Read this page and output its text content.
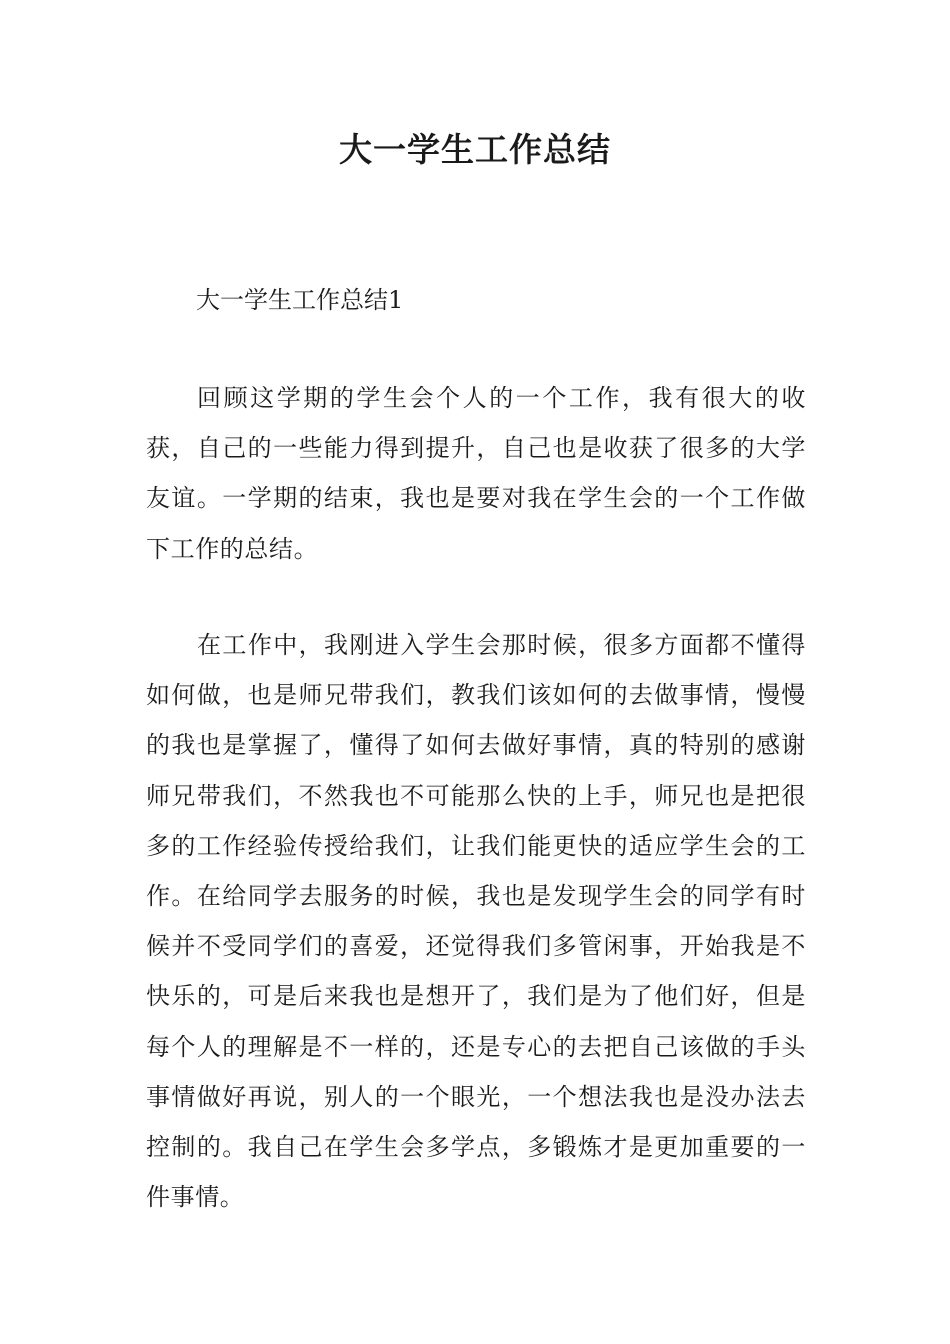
大一学生工作总结

大一学生工作总结1

回顾这学期的学生会个人的一个工作，我有很大的收获，自己的一些能力得到提升，自己也是收获了很多的大学友谊。一学期的结束，我也是要对我在学生会的一个工作做下工作的总结。

在工作中，我刚进入学生会那时候，很多方面都不懂得如何做，也是师兄带我们，教我们该如何的去做事情，慢慢的我也是掌握了，懂得了如何去做好事情，真的特别的感谢师兄带我们，不然我也不可能那么快的上手，师兄也是把很多的工作经验传授给我们，让我们能更快的适应学生会的工作。在给同学去服务的时候，我也是发现学生会的同学有时候并不受同学们的喜爱，还觉得我们多管闲事，开始我是不快乐的，可是后来我也是想开了，我们是为了他们好，但是每个人的理解是不一样的，还是专心的去把自己该做的手头事情做好再说，别人的一个眼光，一个想法我也是没办法去控制的。我自己在学生会多学点，多锻炼才是更加重要的一件事情。
